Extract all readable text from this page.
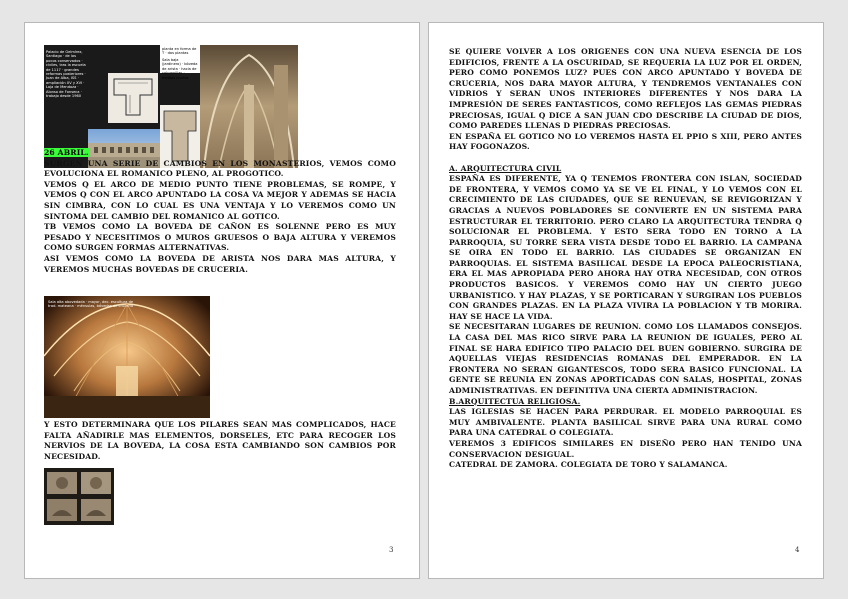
Palacio de Gelmírez, Santiago · de los pocos conservados · civiles, tras la escuela de 1117 · grandes reformas posteriores · Juan de Alba, ISS · ampliación XV y XVI · Loja de Mendoza · Alonso de Fonseca · trabajo desde 1960
planta en forma de T · dos plantas
Sala baja (jardinero) · bóveda de arista · hacia de columnillas · medios puntos

26 ABRIL.

SURGEN UNA SERIE DE CAMBIOS EN LOS MONASTERIOS, VEMOS COMO EVOLUCIONA EL ROMANICO PLENO, AL PROGOTICO.

VEMOS Q EL ARCO DE MEDIO PUNTO TIENE PROBLEMAS, SE ROMPE, Y VEMOS Q CON EL ARCO APUNTADO LA COSA VA MEJOR Y ADEMAS SE HACIA SIN CIMBRA, CON LO CUAL ES UNA VENTAJA Y LO VEREMOS COMO UN SINTOMA DEL CAMBIO DEL ROMANICO AL GOTICO.

TB VEMOS COMO LA BOVEDA DE CAÑON ES SOLENNE PERO ES MUY PESADO Y NECESITIMOS O MUROS GRUESOS O BAJA ALTURA Y VEREMOS COMO SURGEN FORMAS ALTERNATIVAS.

ASI VEMOS COMO LA BOVEDA DE ARISTA NOS DARA MAS ALTURA, Y VEREMOS MUCHAS BOVEDAS DE CRUCERIA.

Sala alta abovedada · mayor, dec. escultura de trad. mateana · ménsulas, bóvedas de crucería

Y ESTO DETERMINARA QUE LOS PILARES SEAN MAS COMPLICADOS, HACE FALTA AÑADIRLE MAS ELEMENTOS, DORSELES, ETC PARA RECOGER LOS NERVIOS DE LA BOVEDA, LA COSA ESTA CAMBIANDO SON CAMBIOS POR NECESIDAD.

3

SE QUIERE VOLVER A LOS ORIGENES CON UNA NUEVA ESENCIA DE LOS EDIFICIOS, FRENTE A LA OSCURIDAD, SE REQUERIA LA LUZ POR EL ORDEN, PERO COMO PONEMOS LUZ? PUES CON ARCO APUNTADO Y BOVEDA DE CRUCERIA, NOS DARA MAYOR ALTURA, Y TENDREMOS VENTANALES CON VIDRIOS Y SERAN UNOS INTERIORES DIFERENTES Y NOS DARA LA IMPRESIÓN DE SERES FANTASTICOS, COMO REFLEJOS LAS GEMAS PIEDRAS PRECIOSAS, IGUAL Q DICE A SAN JUAN CDO DESCRIBE LA CIUDAD DE DIOS, COMO PAREDES LLENAS D PIEDRAS PRECIOSAS.

EN ESPAÑA EL GOTICO NO LO VEREMOS HASTA EL PPIO S XIII, PERO ANTES HAY FOGONAZOS.

A. ARQUITECTURA CIVIL

ESPAÑA ES DIFERENTE, YA Q TENEMOS FRONTERA CON ISLAN, SOCIEDAD DE FRONTERA, Y VEMOS COMO YA SE VE EL FINAL, Y LO VEMOS CON EL CRECIMIENTO DE LAS CIUDADES, QUE SE RENUEVAN, SE REVIGORIZAN Y GRACIAS A NUEVOS POBLADORES SE CONVIERTE EN UN SISTEMA PARA ESTRUCTURAR EL TERRITORIO. PERO CLARO LA ARQUITECTURA TENDRA Q SOLUCIONAR EL PROBLEMA. Y ESTO SERA TODO EN TORNO A LA PARROQUIA, SU TORRE SERA VISTA DESDE TODO EL BARRIO. LA CAMPANA SE OIRA EN TODO EL BARRIO. LAS CIUDADES SE ORGANIZAN EN PARROQUIAS. EL SISTEMA BASILICAL DESDE LA EPOCA PALEOCRISTIANA, ERA EL MAS APROPIADA PERO AHORA HAY OTRA NECESIDAD, CON OTROS PRODUCTOS BASICOS. Y VEREMOS COMO HAY UN CIERTO JUEGO URBANISTICO. Y HAY PLAZAS, Y SE PORTICARAN Y SURGIRAN LOS PUEBLOS CON GRANDES PLAZAS. EN LA PLAZA VIVIRA LA POBLACION Y TB MORIRA. HAY SE HACE LA VIDA.

SE NECESITARAN LUGARES DE REUNION. COMO LOS LLAMADOS CONSEJOS. LA CASA DEL MAS RICO SIRVE PARA LA REUNION DE IGUALES, PERO AL FINAL SE HARA EDIFICO TIPO PALACIO DEL BUEN GOBIERNO. SURGIRA DE AQUELLAS VIEJAS RESIDENCIAS ROMANAS DEL EMPERADOR. EN LA FRONTERA NO SERAN GIGANTESCOS, TODO SERA BASICO FUNCIONAL. LA GENTE SE REUNIA EN ZONAS APORTICADAS CON SALAS, HOSPITAL, ZONAS ADMINISTRATIVAS. EN DEFINITIVA UNA CIERTA ADMINISTRACION.

B.ARQUITECTUA RELIGIOSA.

LAS IGLESIAS SE HACEN PARA PERDURAR. EL MODELO PARROQUIAL ES MUY AMBIVALENTE. PLANTA BASILICAL SIRVE PARA UNA RURAL COMO PARA UNA CATEDRAL O COLEGIATA.

VEREMOS 3 EDIFICOS SIMILARES EN DISEÑO PERO HAN TENIDO UNA CONSERVACION DESIGUAL.

CATEDRAL DE ZAMORA. COLEGIATA DE TORO Y SALAMANCA.

4
